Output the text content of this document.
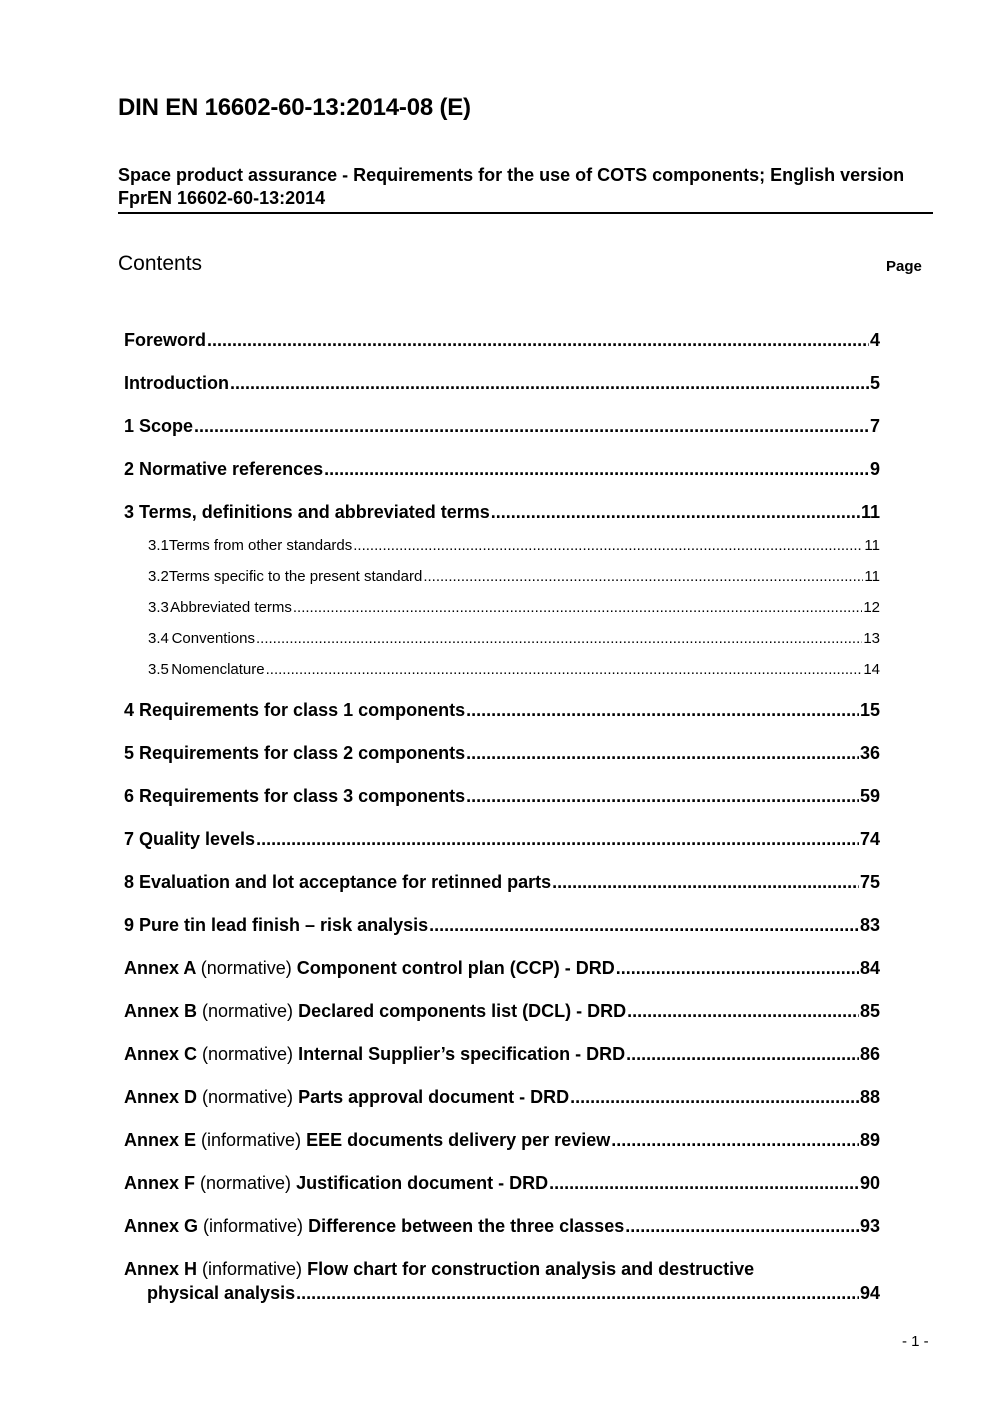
DIN EN 16602-60-13:2014-08 (E)
Space product assurance - Requirements for the use of COTS components; English version FprEN 16602-60-13:2014
Contents	Page
Foreword .....	4
Introduction .....	5
1 Scope .....	7
2 Normative references .....	9
3 Terms, definitions and abbreviated terms .....	11
3.1 Terms from other standards .....	11
3.2 Terms specific to the present standard .....	11
3.3 Abbreviated terms .....	12
3.4 Conventions .....	13
3.5 Nomenclature .....	14
4 Requirements for class 1 components .....	15
5 Requirements for class 2 components .....	36
6 Requirements for class 3 components .....	59
7 Quality levels .....	74
8 Evaluation and lot acceptance for retinned parts .....	75
9 Pure tin lead finish – risk analysis .....	83
Annex A (normative) Component control plan (CCP) - DRD .....	84
Annex B (normative) Declared components list (DCL) - DRD .....	85
Annex C (normative) Internal Supplier’s specification - DRD .....	86
Annex D (normative) Parts approval document - DRD .....	88
Annex E (informative) EEE documents delivery per review .....	89
Annex F (normative) Justification document - DRD .....	90
Annex G (informative) Difference between the three classes .....	93
Annex H (informative) Flow chart for construction analysis and destructive
physical analysis .....	94
- 1 -
